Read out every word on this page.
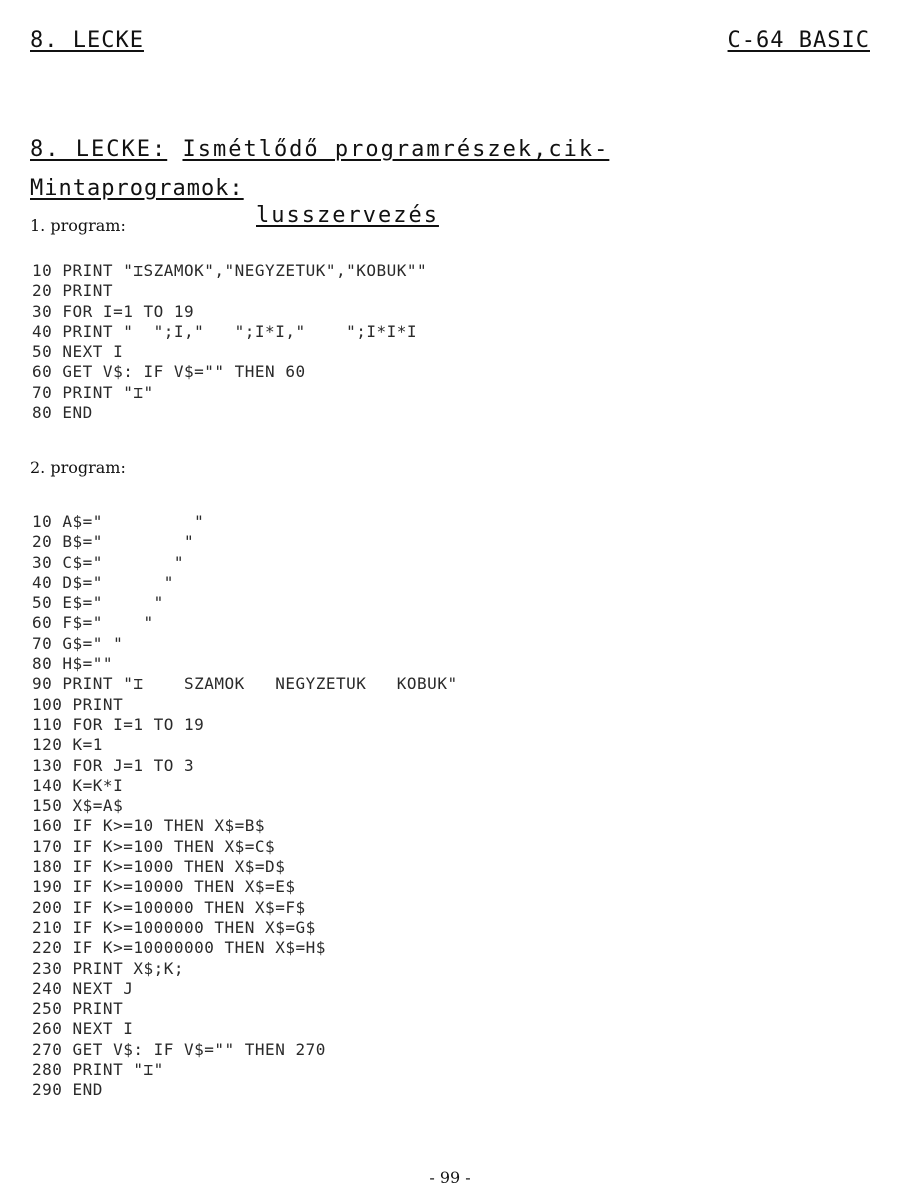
8. LECKE	C-64 BASIC

8. LECKE: Ismétlődő programrészek,cik-

lusszervezés

Mintaprogramok:
1. program:
10 PRINT "⌶SZAMOK","NEGYZETUK","KOBUK""
20 PRINT
30 FOR I=1 TO 19
40 PRINT "  ";I,"   ";I*I,"    ";I*I*I
50 NEXT I
60 GET V$: IF V$="" THEN 60
70 PRINT "⌶"
80 END
2. program:
10 A$="         "
20 B$="        "
30 C$="       "
40 D$="      "
50 E$="     "
60 F$="    "
70 G$=" "
80 H$=""
90 PRINT "⌶    SZAMOK   NEGYZETUK   KOBUK"
100 PRINT
110 FOR I=1 TO 19
120 K=1
130 FOR J=1 TO 3
140 K=K*I
150 X$=A$
160 IF K>=10 THEN X$=B$
170 IF K>=100 THEN X$=C$
180 IF K>=1000 THEN X$=D$
190 IF K>=10000 THEN X$=E$
200 IF K>=100000 THEN X$=F$
210 IF K>=1000000 THEN X$=G$
220 IF K>=10000000 THEN X$=H$
230 PRINT X$;K;
240 NEXT J
250 PRINT
260 NEXT I
270 GET V$: IF V$="" THEN 270
280 PRINT "⌶"
290 END
- 99 -
